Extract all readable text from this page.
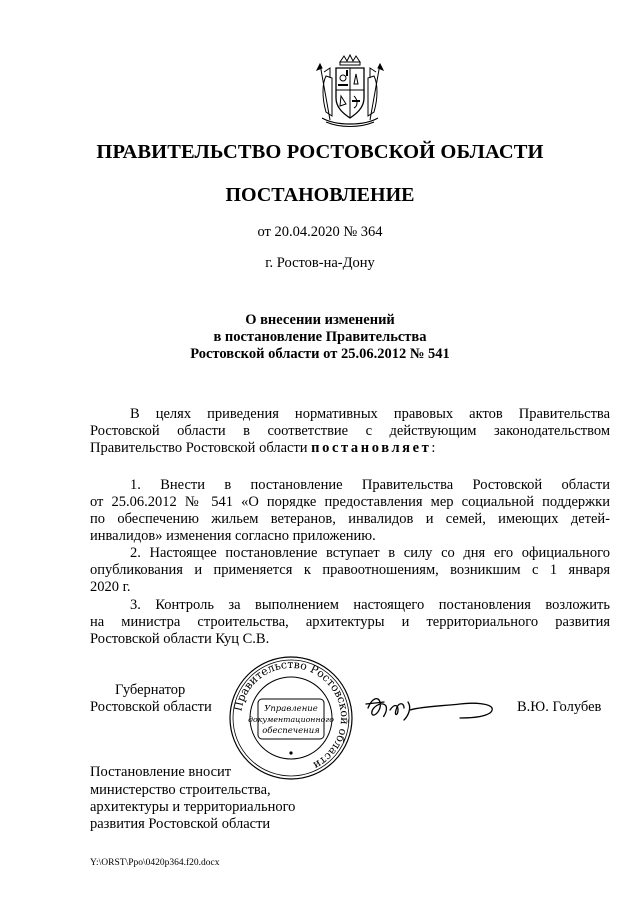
ПРАВИТЕЛЬСТВО РОСТОВСКОЙ ОБЛАСТИ
ПОСТАНОВЛЕНИЕ
от 20.04.2020 № 364
г. Ростов-на-Дону
О внесении изменений
в постановление Правительства
Ростовской области от 25.06.2012 № 541
В целях приведения нормативных правовых актов Правительства
Ростовской области в соответствие с действующим законодательством
Правительство Ростовской области постановляет:
1. Внести в постановление Правительства Ростовской области
от 25.06.2012 № 541 «О порядке предоставления мер социальной поддержки
по обеспечению жильем ветеранов, инвалидов и семей, имеющих детей-
инвалидов» изменения согласно приложению.
2. Настоящее постановление вступает в силу со дня его официального
опубликования и применяется к правоотношениям, возникшим с 1 января
2020 г.
3. Контроль за выполнением настоящего постановления возложить
на министра строительства, архитектуры и территориального развития
Ростовской области Куц С.В.
Губернатор
Ростовской области Правительство Ростовской области
Управление
документационного
обеспечения
В.Ю. Голубев
Постановление вносит
министерство строительства,
архитектуры и территориального
развития Ростовской области
Y:\ORST\Ppo\0420p364.f20.docx
